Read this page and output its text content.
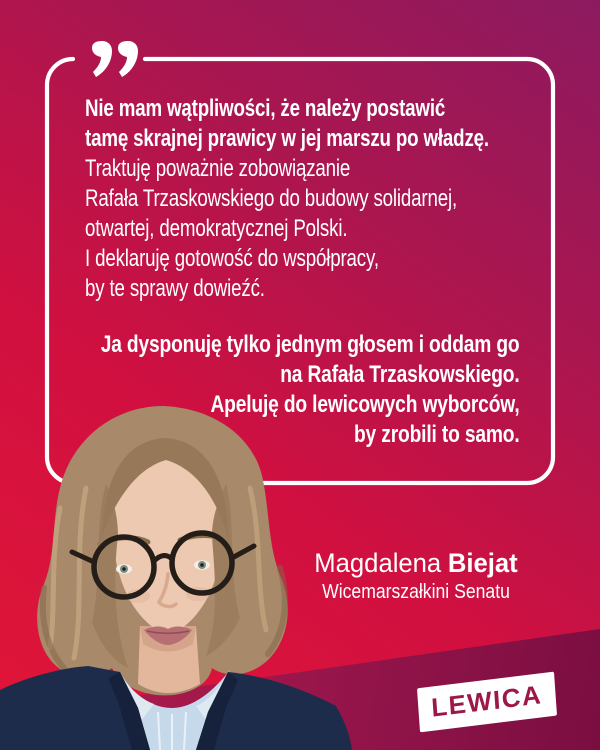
Nie mam wątpliwości, że należy postawić
tamę skrajnej prawicy w jej marszu po władzę.
Traktuję poważnie zobowiązanie
Rafała Trzaskowskiego do budowy solidarnej,
otwartej, demokratycznej Polski.
I deklaruję gotowość do współpracy,
by te sprawy dowieźć.
Ja dysponuję tylko jednym głosem i oddam go
na Rafała Trzaskowskiego.
Apeluję do lewicowych wyborców,
by zrobili to samo.
Magdalena Biejat
Wicemarszałkini Senatu
LEWICA
